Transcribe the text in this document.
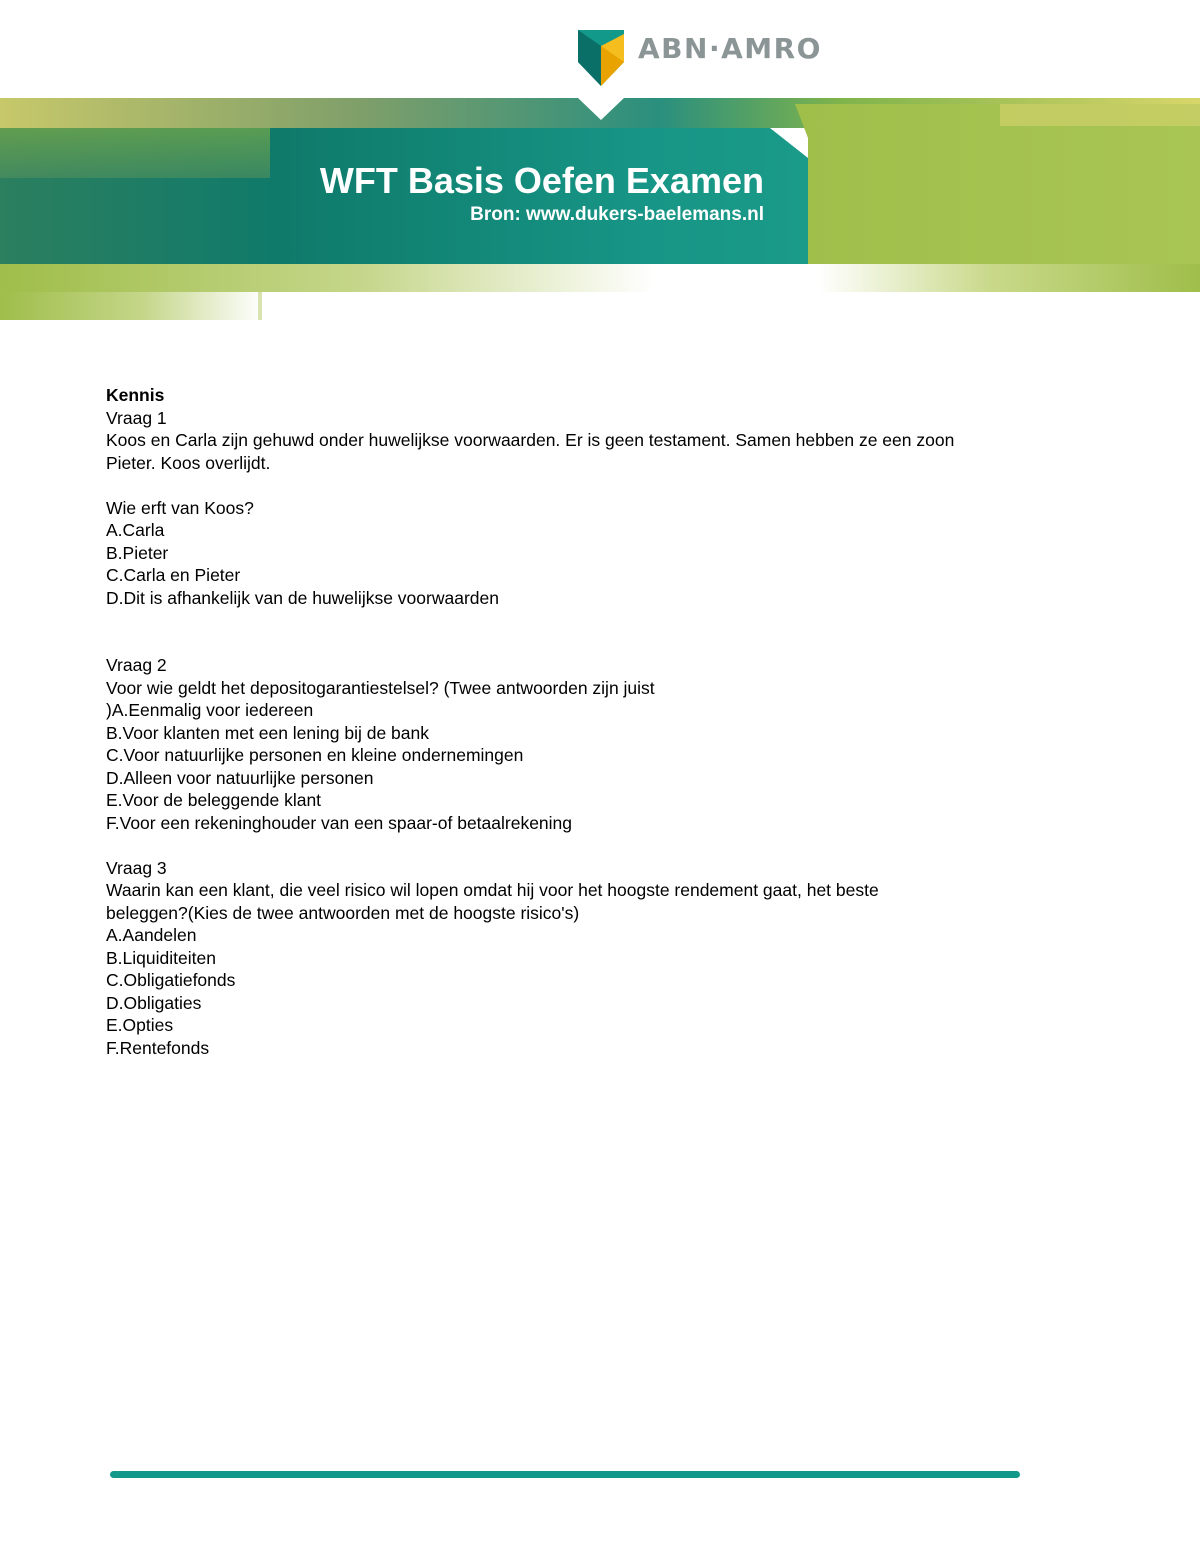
ABN·AMRO
WFT Basis Oefen Examen
Bron: www.dukers-baelemans.nl

Kennis

Vraag 1

Koos en Carla zijn gehuwd onder huwelijkse voorwaarden. Er is geen testament. Samen hebben ze een zoon

Pieter. Koos overlijdt.

Wie erft van Koos?

A.Carla

B.Pieter

C.Carla en Pieter

D.Dit is afhankelijk van de huwelijkse voorwaarden

Vraag 2

Voor wie geldt het depositogarantiestelsel? (Twee antwoorden zijn juist

)A.Eenmalig voor iedereen

B.Voor klanten met een lening bij de bank

C.Voor natuurlijke personen en kleine ondernemingen

D.Alleen voor natuurlijke personen

E.Voor de beleggende klant

F.Voor een rekeninghouder van een spaar-of betaalrekening

Vraag 3

Waarin kan een klant, die veel risico wil lopen omdat hij voor het hoogste rendement gaat, het beste

beleggen?(Kies de twee antwoorden met de hoogste risico's)

A.Aandelen

B.Liquiditeiten

C.Obligatiefonds

D.Obligaties

E.Opties

F.Rentefonds
